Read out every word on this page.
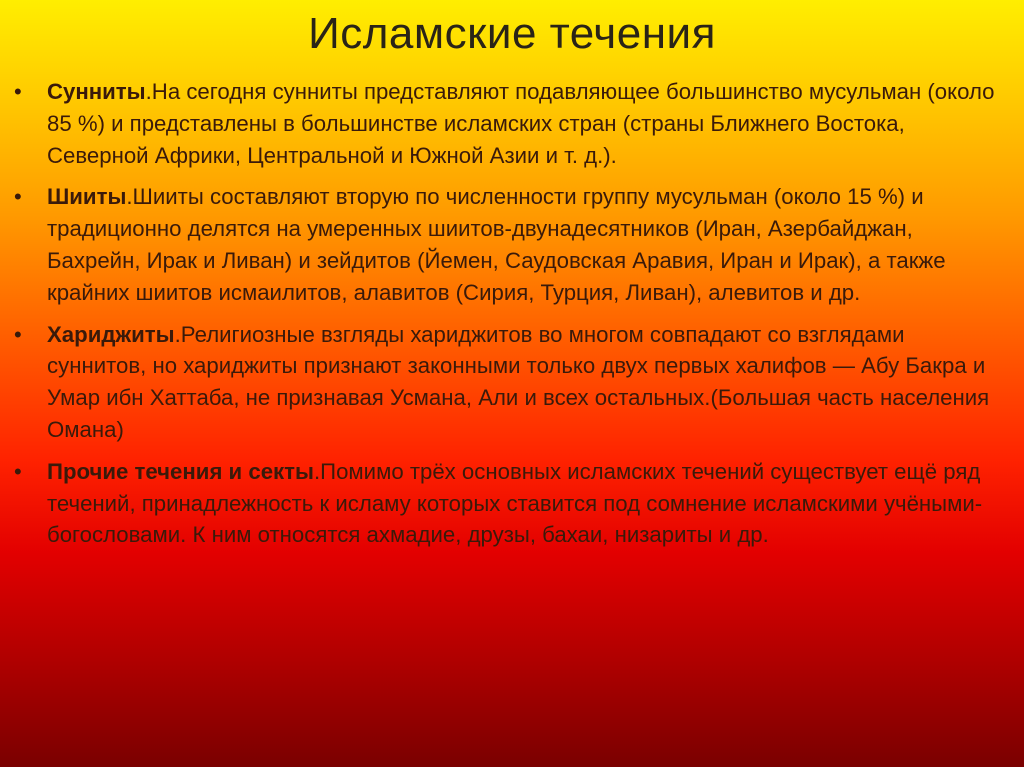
Исламские течения
•	Сунниты.На сегодня сунниты представляют подавляющее большинство мусульман (около 85 %) и представлены в большинстве исламских стран (страны Ближнего Востока, Северной Африки, Центральной и Южной Азии и т. д.).
•	Шииты.Шииты составляют вторую по численности группу мусульман (около 15 %) и традиционно делятся на умеренных шиитов-двунадесятников (Иран, Азербайджан, Бахрейн, Ирак и Ливан) и зейдитов (Йемен, Саудовская Аравия, Иран и Ирак), а также крайних шиитов исмаилитов, алавитов (Сирия, Турция, Ливан), алевитов и др.
•	Хариджиты.Религиозные взгляды хариджитов во многом совпадают со взглядами суннитов, но хариджиты признают законными только двух первых халифов — Абу Бакра и Умар ибн Хаттаба, не признавая Усмана, Али и всех остальных.(Большая часть населения Омана)
•	Прочие течения и секты.Помимо трёх основных исламских течений существует ещё ряд течений, принадлежность к исламу которых ставится под сомнение исламскими учёными-богословами. К ним относятся ахмадие, друзы, бахаи, низариты и др.
